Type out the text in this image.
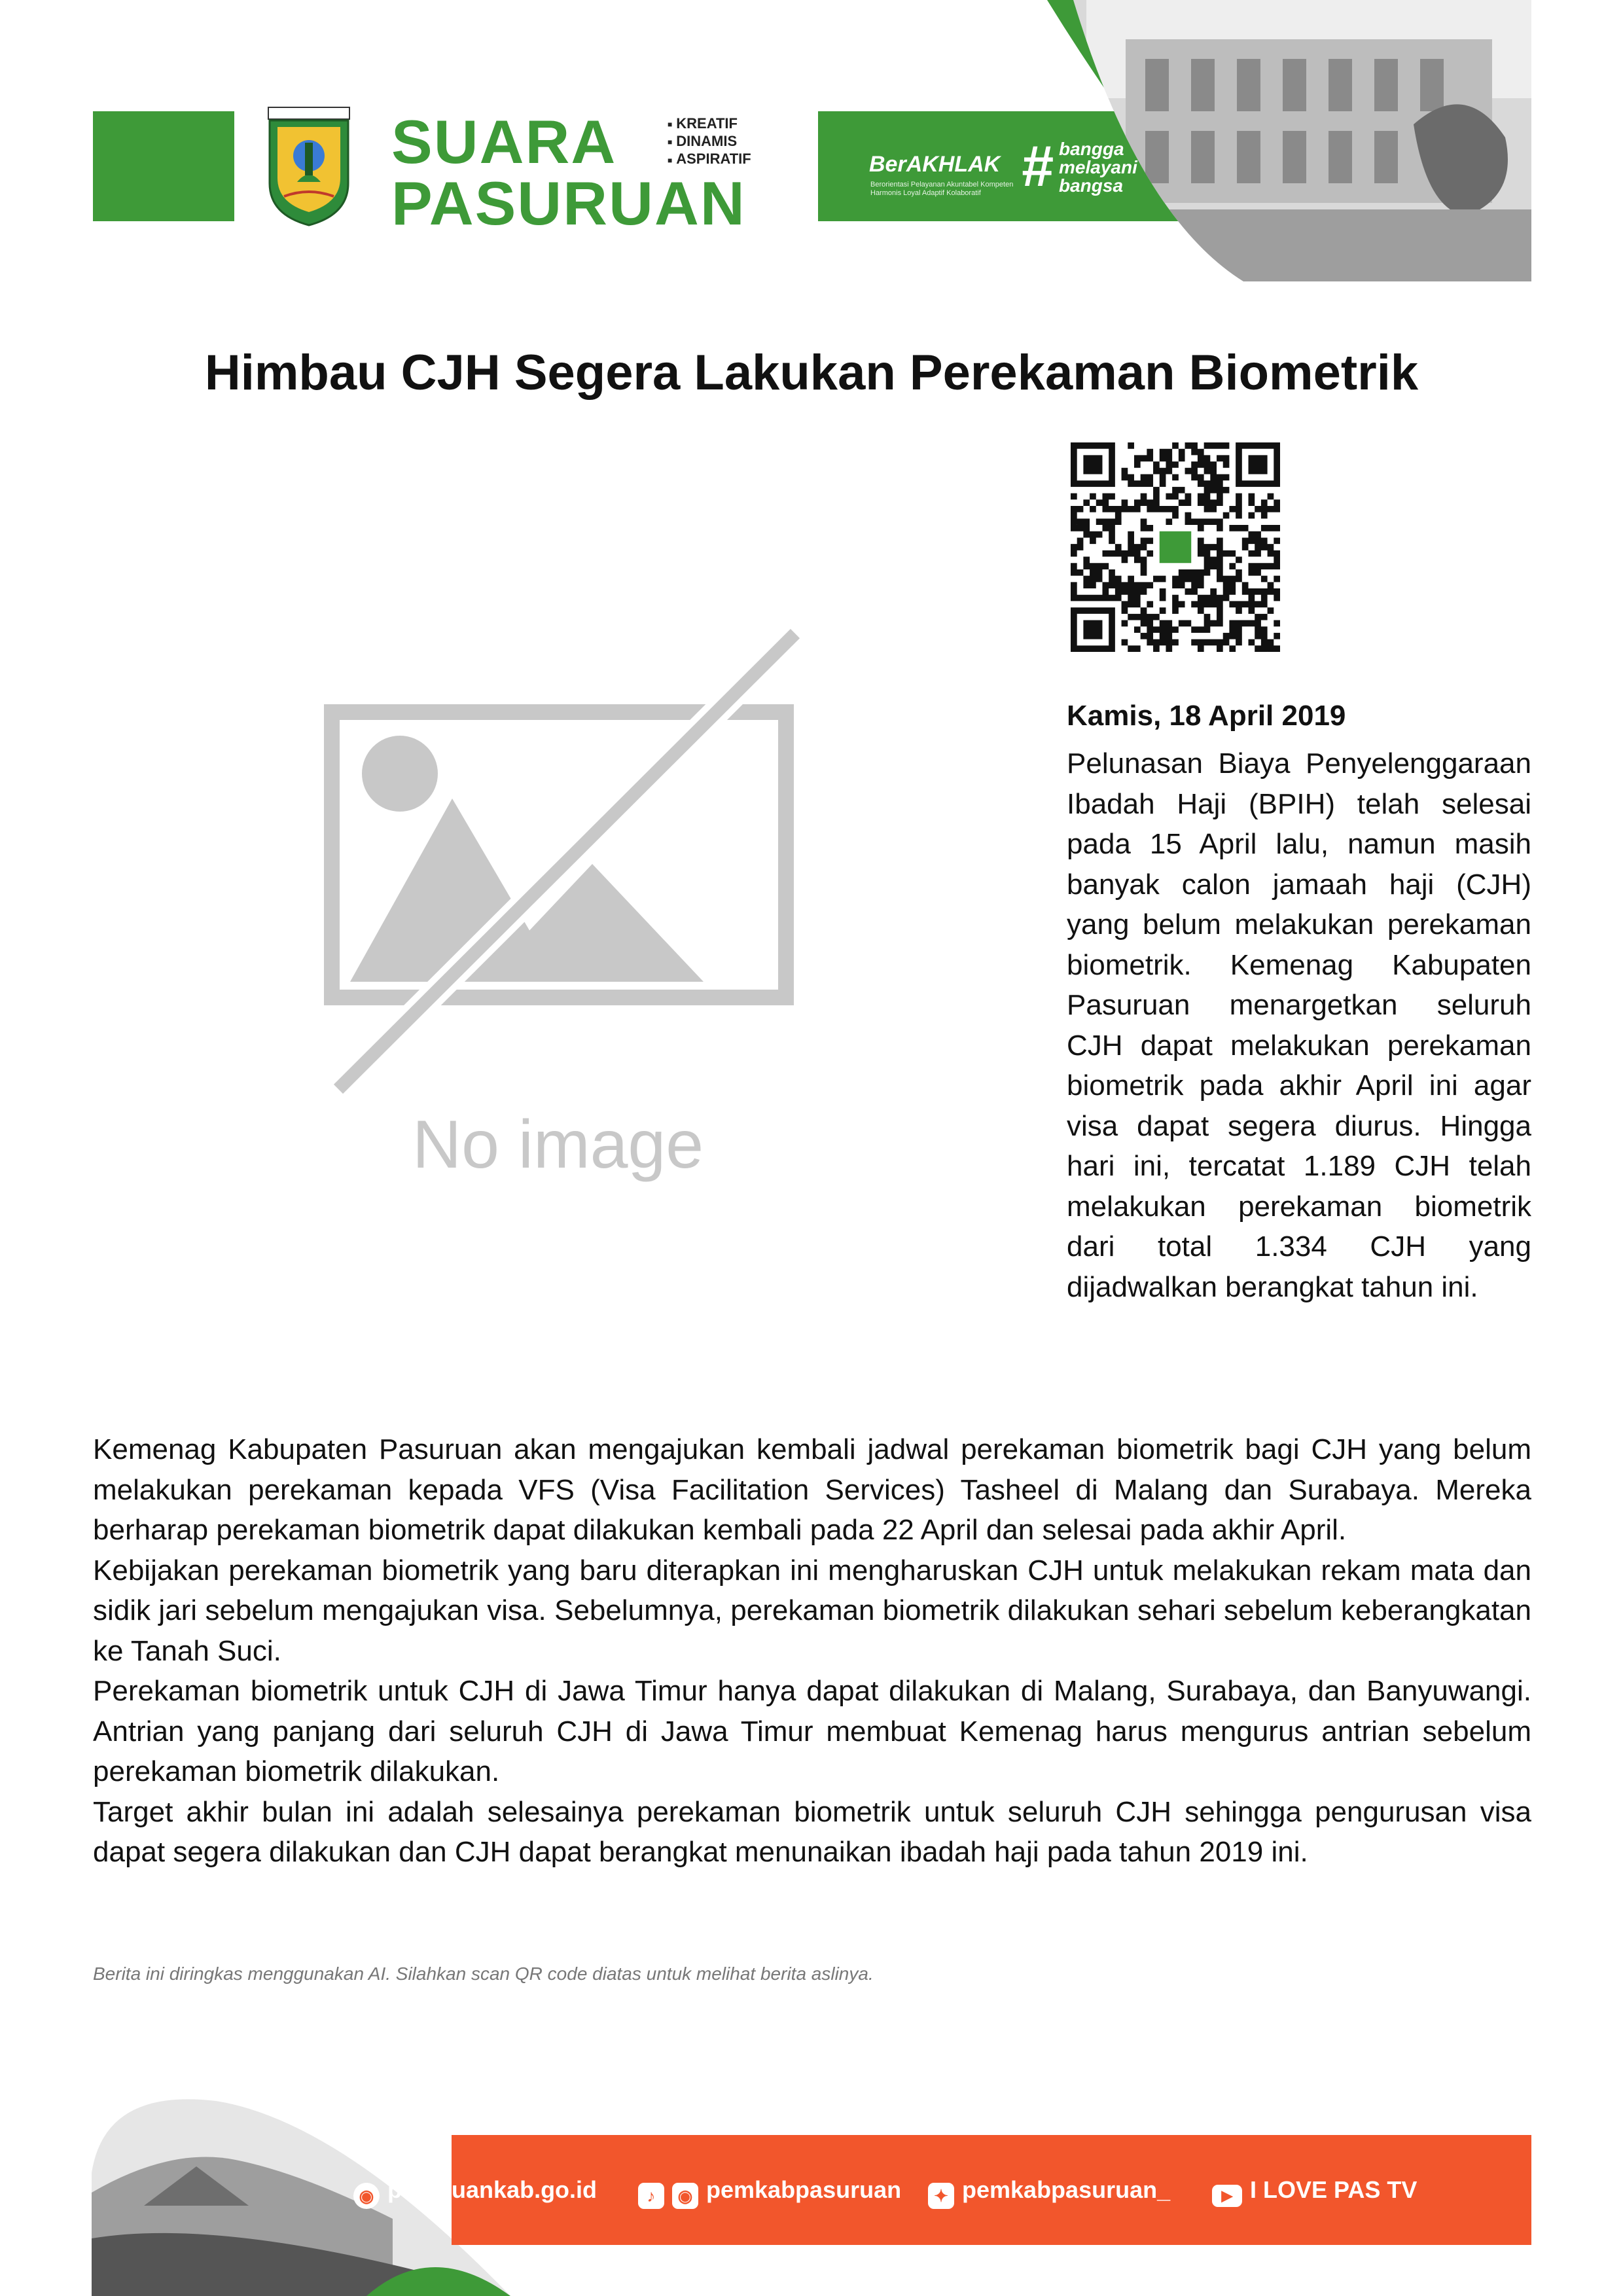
SUARA
PASURUAN
■ KREATIF
■ DINAMIS
■ ASPIRATIF	BerAKHLAK
Berorientasi Pelayanan Akuntabel Kompeten Harmonis Loyal Adaptif Kolaboratif # bangga
melayani
bangsa
Himbau CJH Segera Lakukan Perekaman Biometrik
No image
Kamis, 18 April 2019
Pelunasan Biaya Penyelenggaraan Ibadah Haji (BPIH) telah selesai pada 15 April lalu, namun masih banyak calon jamaah haji (CJH) yang belum melakukan perekaman biometrik. Kemenag Kabupaten Pasuruan menargetkan seluruh CJH dapat melakukan perekaman biometrik pada akhir April ini agar visa dapat segera diurus. Hingga hari ini, tercatat 1.189 CJH telah melakukan perekaman biometrik dari total 1.334 CJH yang dijadwalkan berangkat tahun ini.

Kemenag Kabupaten Pasuruan akan mengajukan kembali jadwal perekaman biometrik bagi CJH yang belum melakukan perekaman kepada VFS (Visa Facilitation Services) Tasheel di Malang dan Surabaya. Mereka berharap perekaman biometrik dapat dilakukan kembali pada 22 April dan selesai pada akhir April.

Kebijakan perekaman biometrik yang baru diterapkan ini mengharuskan CJH untuk melakukan rekam mata dan sidik jari sebelum mengajukan visa. Sebelumnya, perekaman biometrik dilakukan sehari sebelum keberangkatan ke Tanah Suci.

Perekaman biometrik untuk CJH di Jawa Timur hanya dapat dilakukan di Malang, Surabaya, dan Banyuwangi. Antrian yang panjang dari seluruh CJH di Jawa Timur membuat Kemenag harus mengurus antrian sebelum perekaman biometrik dilakukan.

Target akhir bulan ini adalah selesainya perekaman biometrik untuk seluruh CJH sehingga pengurusan visa dapat segera dilakukan dan CJH dapat berangkat menunaikan ibadah haji pada tahun 2019 ini.

Berita ini diringkas menggunakan AI. Silahkan scan QR code diatas untuk melihat berita aslinya.
◉ pasuruankab.go.id	♪ ◉ pemkabpasuruan	✦ pemkabpasuruan_	▶ I LOVE PAS TV
